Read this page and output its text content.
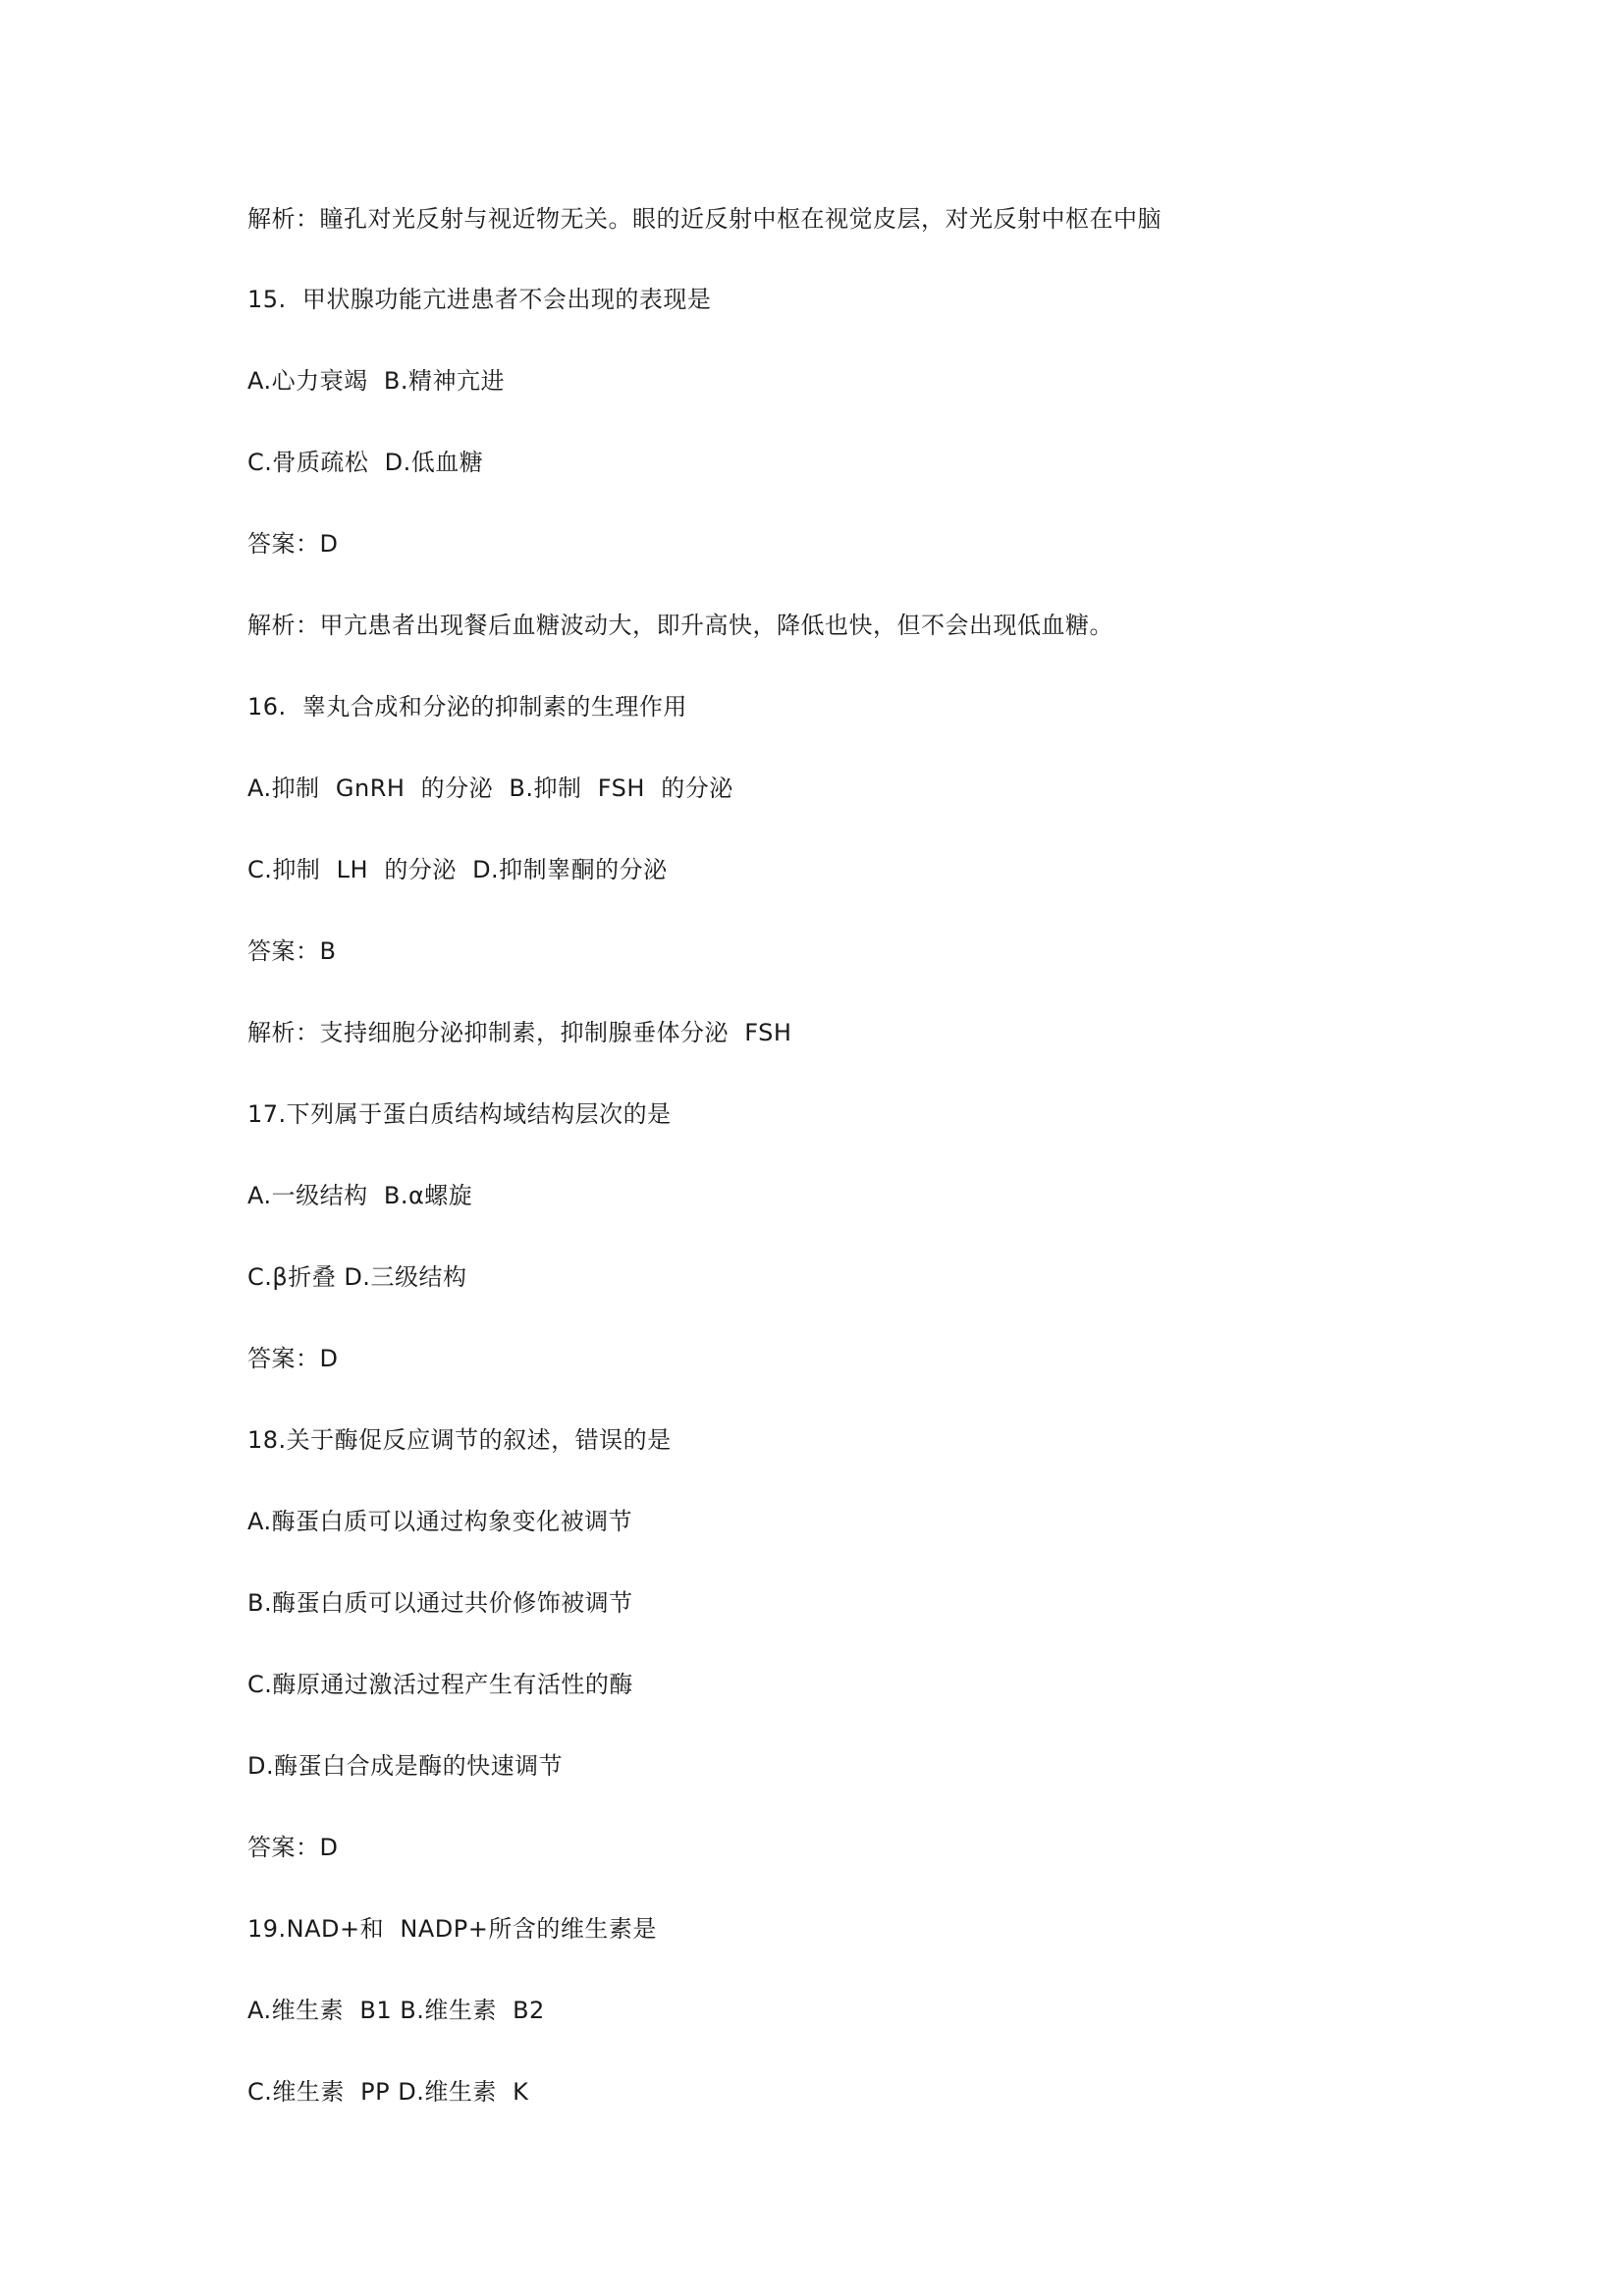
解析：瞳孔对光反射与视近物无关。眼的近反射中枢在视觉皮层，对光反射中枢在中脑
15.  甲状腺功能亢进患者不会出现的表现是
A.心力衰竭  B.精神亢进
C.骨质疏松  D.低血糖
答案：D
解析：甲亢患者出现餐后血糖波动大，即升高快，降低也快，但不会出现低血糖。
16.  睾丸合成和分泌的抑制素的生理作用
A.抑制  GnRH  的分泌  B.抑制  FSH  的分泌
C.抑制  LH  的分泌  D.抑制睾酮的分泌
答案：B
解析：支持细胞分泌抑制素，抑制腺垂体分泌  FSH
17.下列属于蛋白质结构域结构层次的是
A.一级结构  B.α螺旋
C.β折叠 D.三级结构
答案：D
18.关于酶促反应调节的叙述，错误的是
A.酶蛋白质可以通过构象变化被调节
B.酶蛋白质可以通过共价修饰被调节
C.酶原通过激活过程产生有活性的酶
D.酶蛋白合成是酶的快速调节
答案：D
19.NAD+和  NADP+所含的维生素是
A.维生素  B1 B.维生素  B2
C.维生素  PP D.维生素  K
